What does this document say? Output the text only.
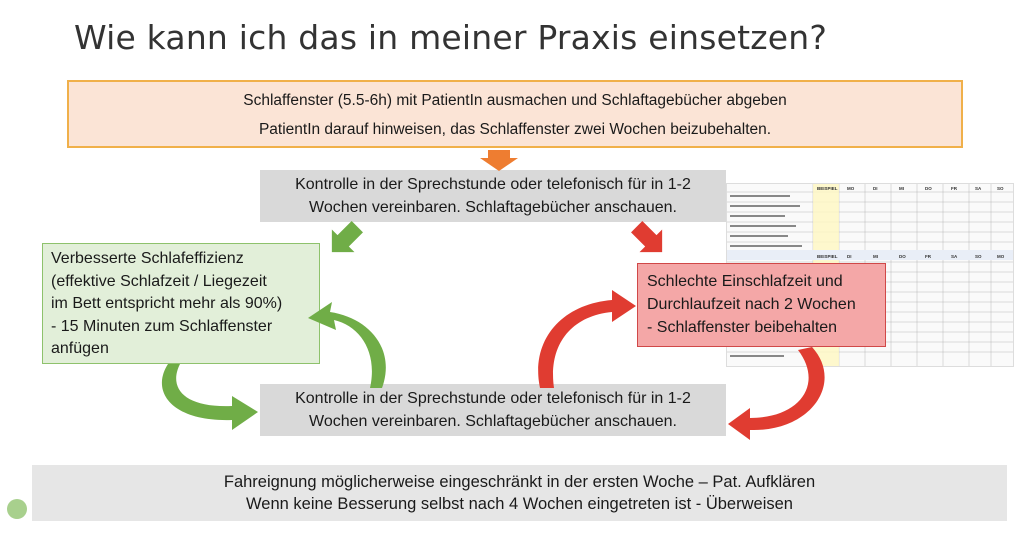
Wie kann ich das in meiner Praxis einsetzen?
Schlaffenster (5.5-6h) mit PatientIn ausmachen und Schlaftagebücher abgeben
PatientIn darauf hinweisen, das Schlaffenster zwei Wochen beizubehalten.
BEISPIEL MO	DI	MI	DO	FR	SA	SO
BEISPIEL DI	MI	DO	FR	SA	SO	MO
Kontrolle in der Sprechstunde oder telefonisch für in 1-2
Wochen vereinbaren. Schlaftagebücher anschauen.
Verbesserte Schlafeffizienz
(effektive Schlafzeit / Liegezeit
im Bett entspricht mehr als 90%)
- 15 Minuten zum Schlaffenster
anfügen
Schlechte Einschlafzeit und
Durchlaufzeit nach 2 Wochen
- Schlaffenster beibehalten
Kontrolle in der Sprechstunde oder telefonisch für in 1-2
Wochen vereinbaren. Schlaftagebücher anschauen.
Fahreignung möglicherweise eingeschränkt in der ersten Woche – Pat. Aufklären
Wenn keine Besserung selbst nach 4 Wochen eingetreten ist - Überweisen
